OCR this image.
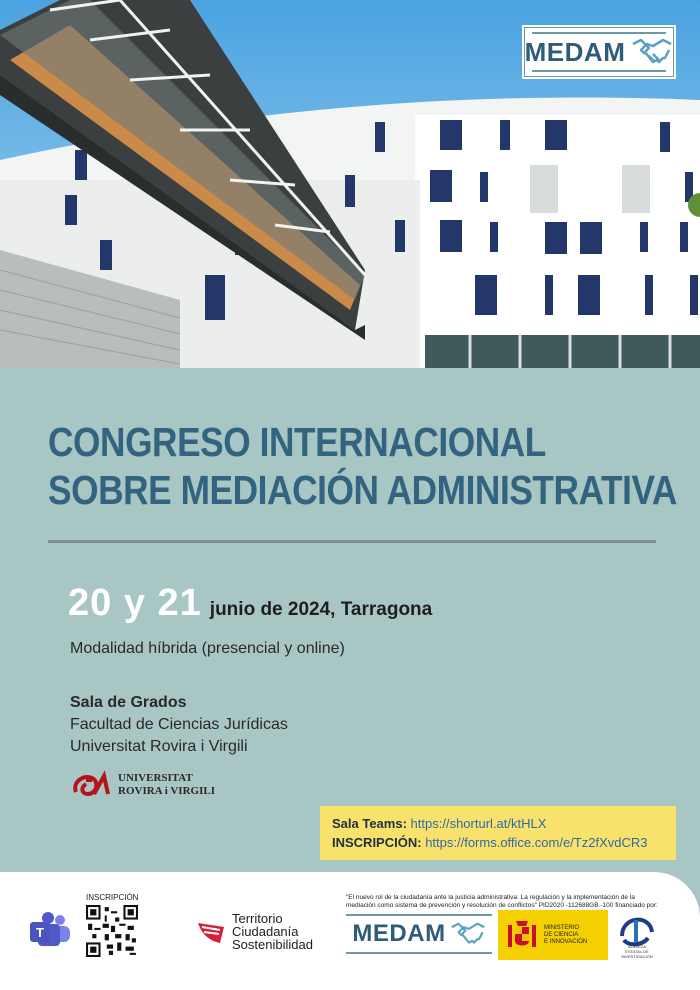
MEDAM
CONGRESO INTERNACIONAL
SOBRE MEDIACIÓN ADMINISTRATIVA
20 y 21 junio de 2024, Tarragona
Modalidad híbrida (presencial y online)
Sala de Grados
Facultad de Ciencias Jurídicas
Universitat Rovira i Virgili
UNIVERSITAT
ROVIRA i VIRGILI
Sala Teams: https://shorturl.at/ktHLX
INSCRIPCIÓN: https://forms.office.com/e/Tz2fXvdCR3
T
INSCRIPCIÓN
Territorio
Ciudadanía
Sostenibilidad
"El nuevo rol de la ciudadanía ante la justicia administrativa: La regulación y la implementación de la mediación como sistema de prevención y resolución de conflictos" PID2020 -112688GB -100 financiado por:
MEDAM	MINISTERIO
DE CIENCIA
E INNOVACIÓN
AGENCIA
ESTATAL DE
INVESTIGACIÓN
